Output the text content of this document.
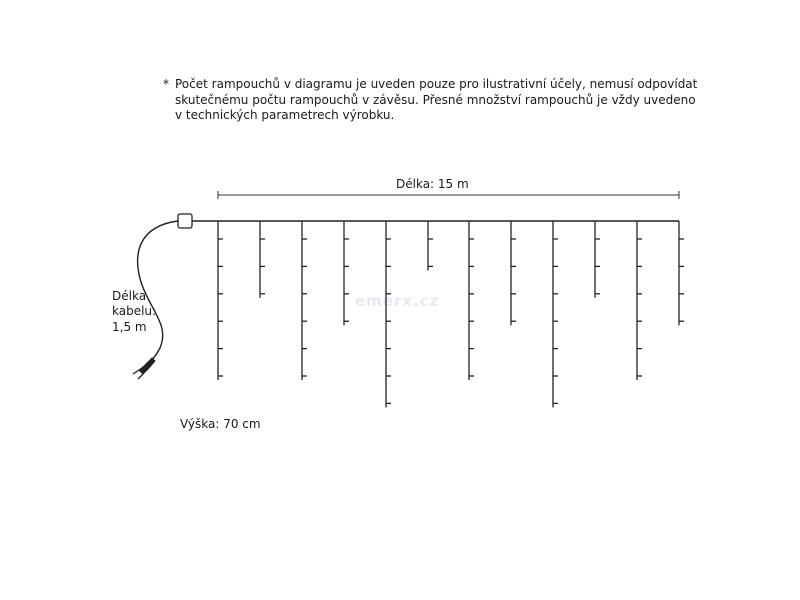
* Počet rampouchů v diagramu je uveden pouze pro ilustrativní účely, nemusí odpovídat
skutečnému počtu rampouchů v závěsu. Přesné množství rampouchů je vždy uvedeno
v technických parametrech výrobku.
emerx.cz
Délka: 15 m
Délka
kabelu:
1,5 m
Výška: 70 cm
